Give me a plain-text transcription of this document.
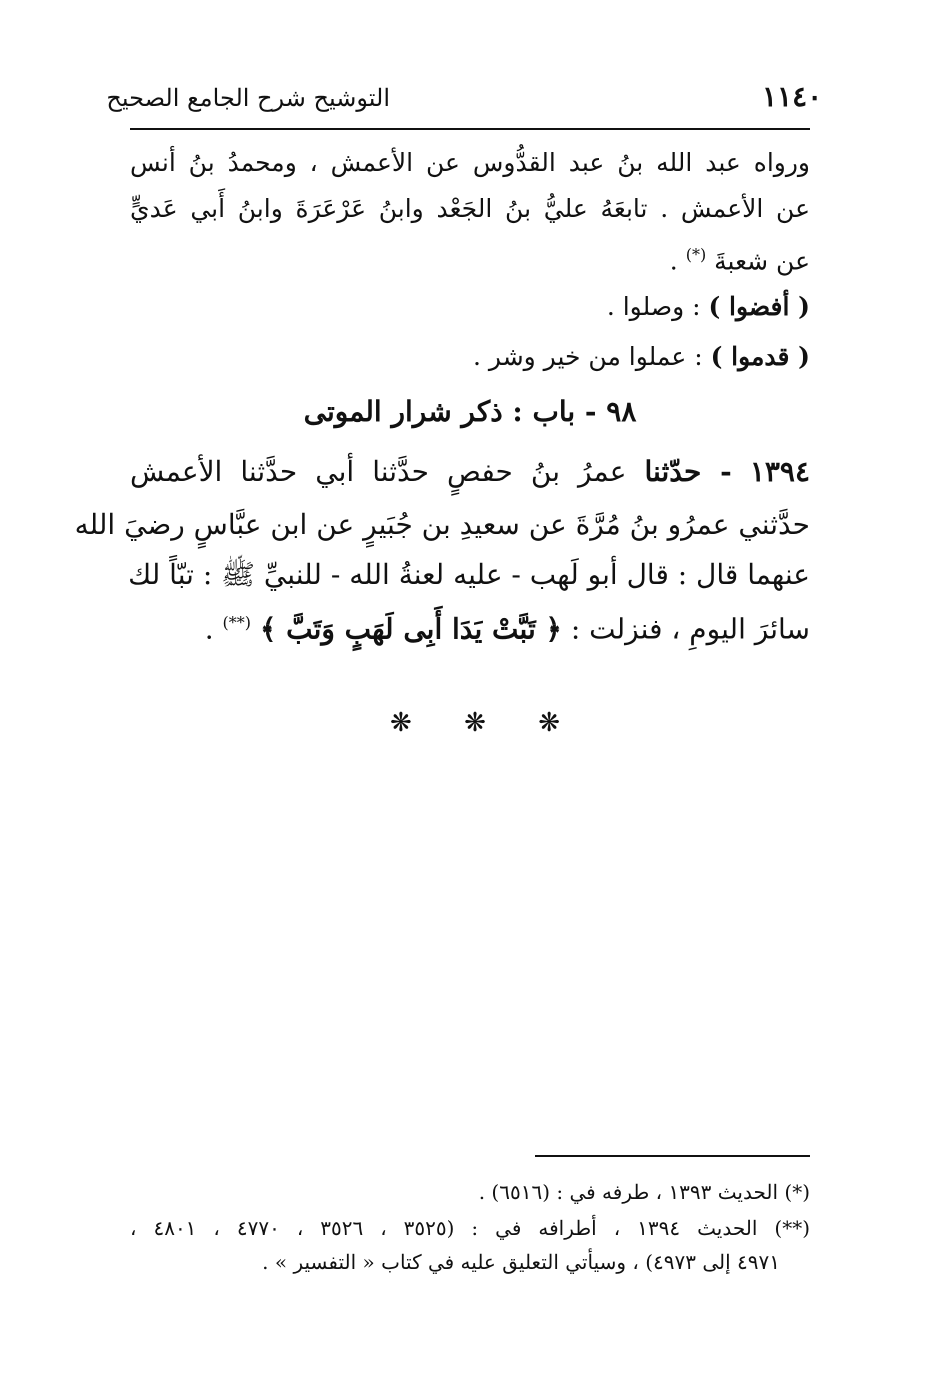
١١٤٠
التوشيح شرح الجامع الصحيح
ورواه عبد الله بنُ عبد القدُّوس عن الأعمش ، ومحمدُ بنُ أنس
عن الأعمش . تابعَهُ عليُّ بنُ الجَعْد وابنُ عَرْعَرَةَ وابنُ أَبي عَديٍّ
عن شعبةَ (*) .
( أفضوا ) : وصلوا .
( قدموا ) : عملوا من خير وشر .
٩٨ - باب : ذكر شرار الموتى
١٣٩٤ - حدّثنا عمرُ بنُ حفصٍ حدَّثنا أبي حدَّثنا الأعمش
حدَّثني عمرُو بنُ مُرَّةَ عن سعيدِ بن جُبَيرٍ عن ابن عبَّاسٍ رضيَ الله
عنهما قال : قال أبو لَهب - عليه لعنةُ الله - للنبيِّ ﷺ : تبّاً لك
سائرَ اليومِ ، فنزلت : ﴿ تَبَّتْ يَدَا أَبِى لَهَبٍ وَتَبَّ ﴾ (**) .
❋ ❋ ❋
(*) الحديث ١٣٩٣ ، طرفه في : (٦٥١٦) .
(**) الحديث ١٣٩٤ ، أطرافه في : (٣٥٢٥ ، ٣٥٢٦ ، ٤٧٧٠ ، ٤٨٠١ ،
٤٩٧١ إلى ٤٩٧٣) ، وسيأتي التعليق عليه في كتاب « التفسير » .
